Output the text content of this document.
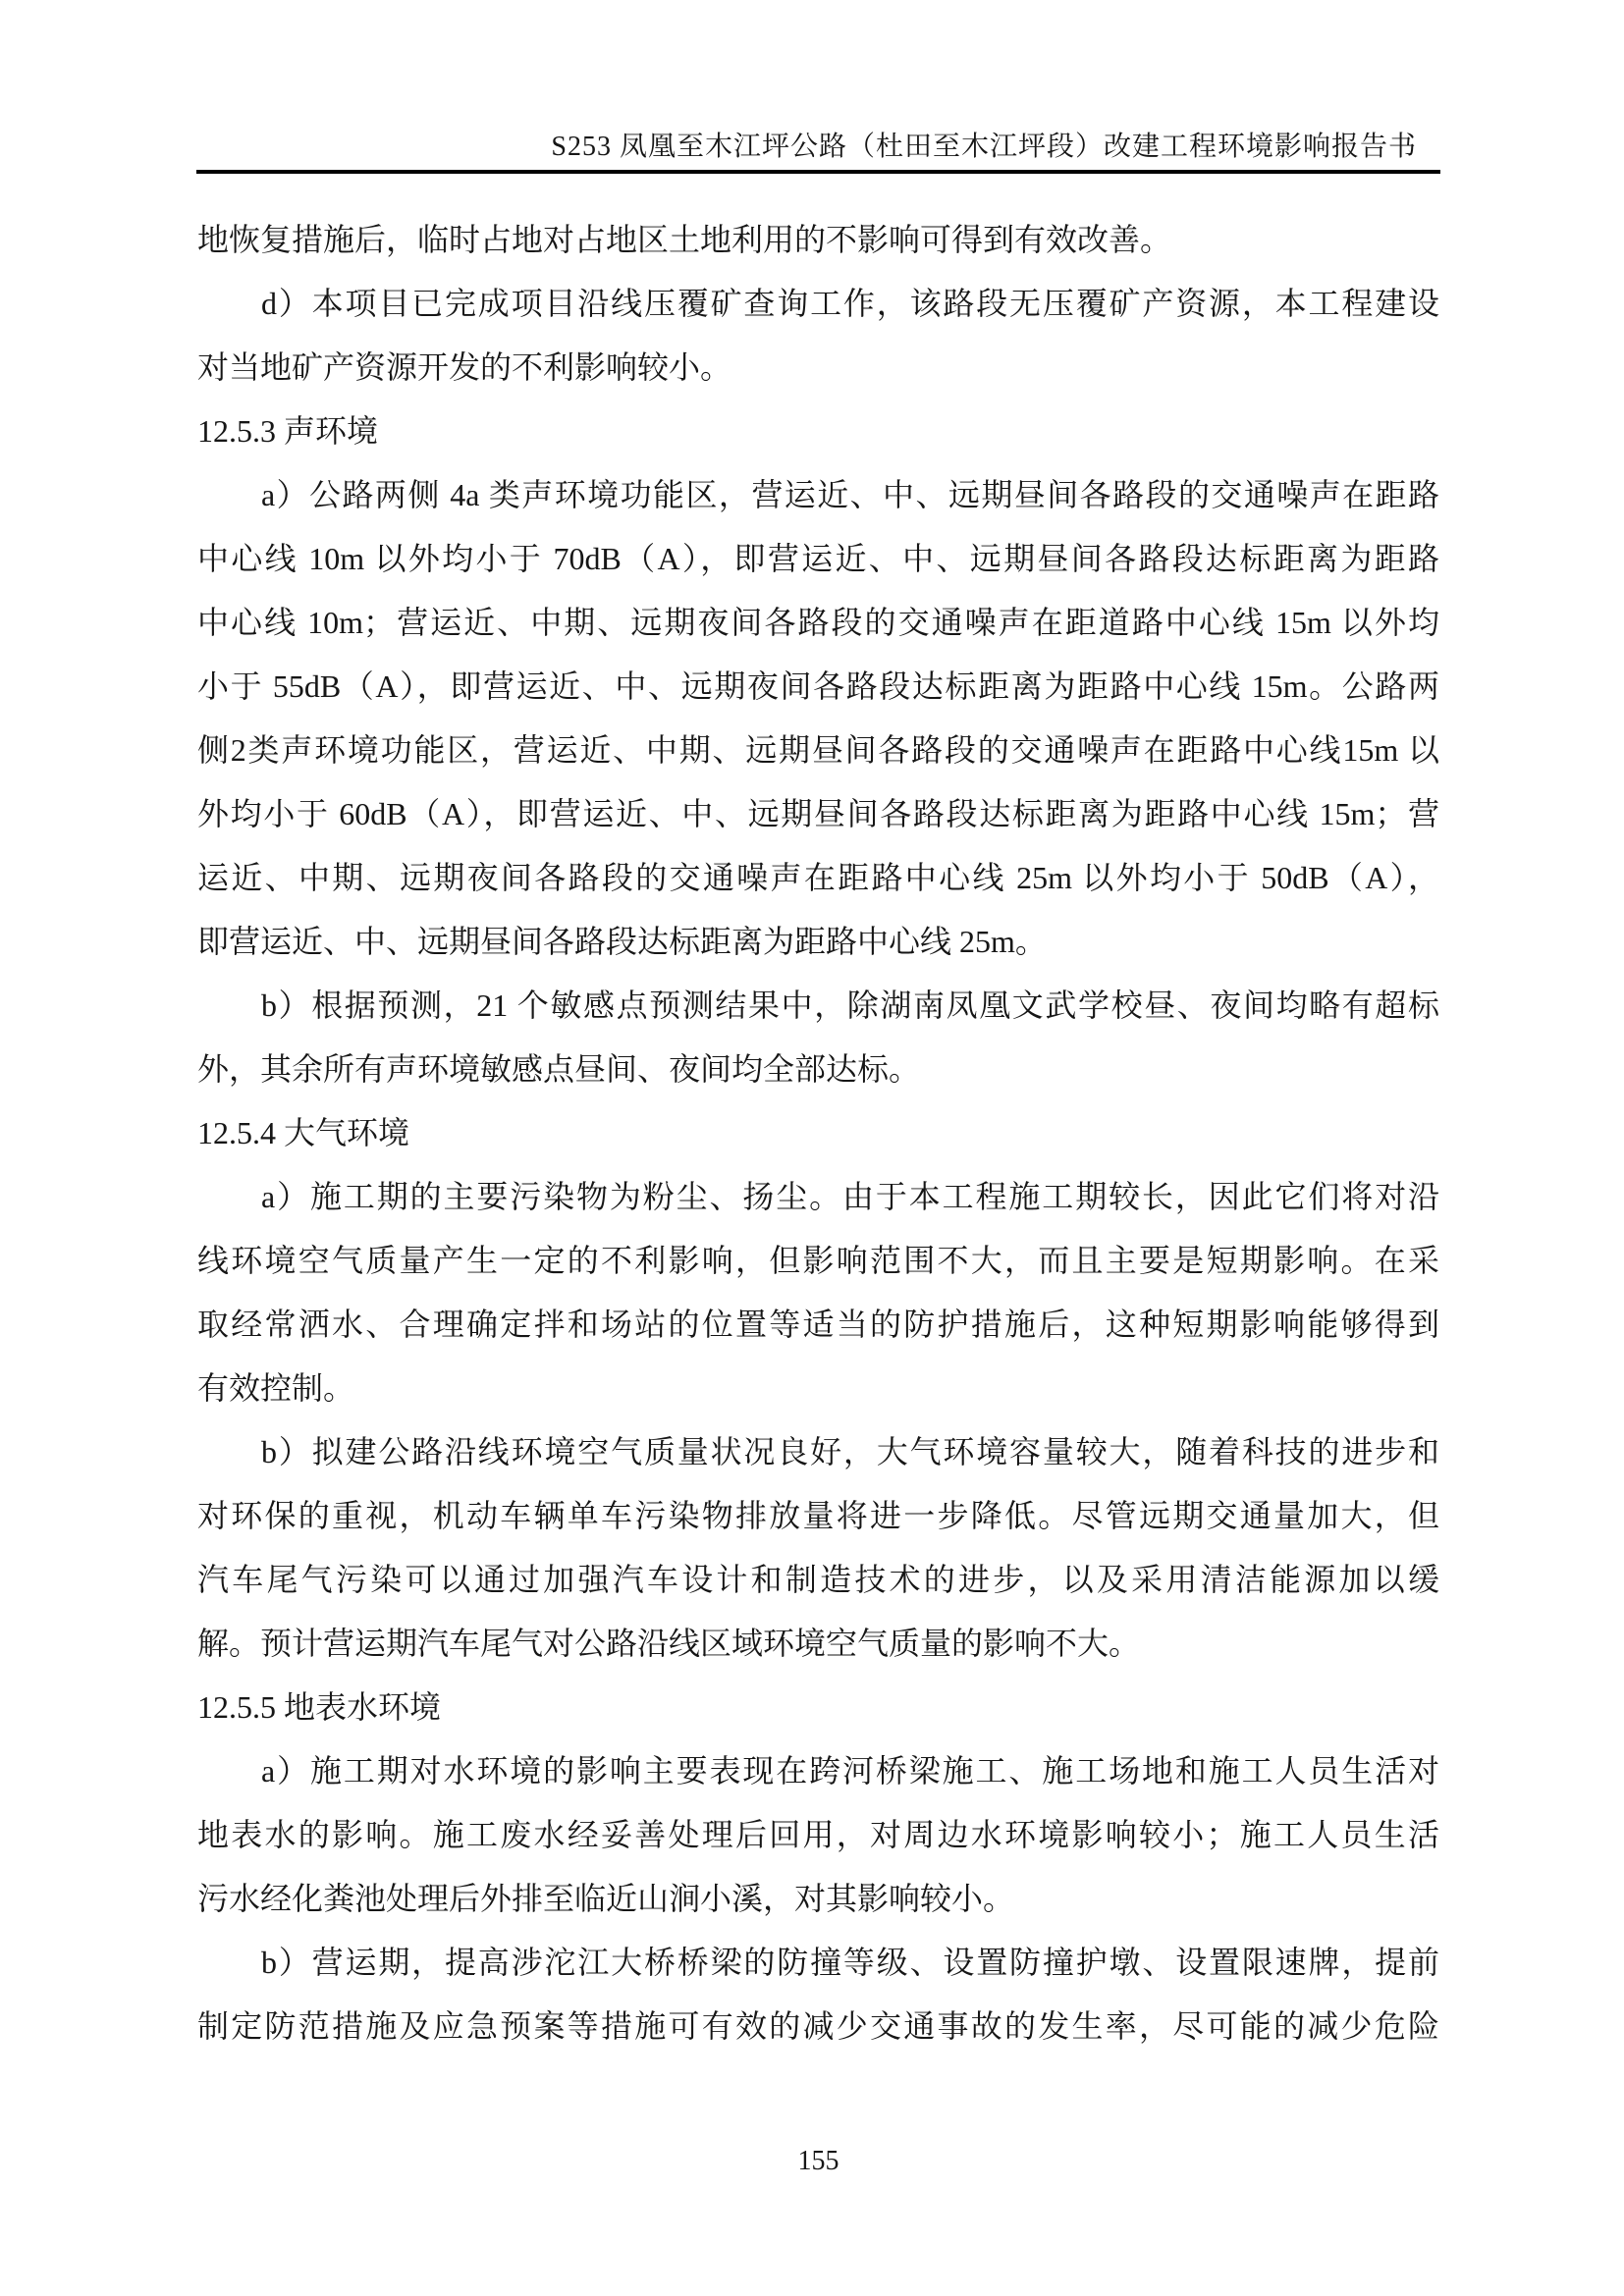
S253 凤凰至木江坪公路（杜田至木江坪段）改建工程环境影响报告书
地恢复措施后，临时占地对占地区土地利用的不影响可得到有效改善。
d）本项目已完成项目沿线压覆矿查询工作，该路段无压覆矿产资源，本工程建设
对当地矿产资源开发的不利影响较小。
12.5.3 声环境
a）公路两侧 4a 类声环境功能区，营运近、中、远期昼间各路段的交通噪声在距路
中心线 10m 以外均小于 70dB（A），即营运近、中、远期昼间各路段达标距离为距路
中心线 10m；营运近、中期、远期夜间各路段的交通噪声在距道路中心线 15m 以外均
小于 55dB（A），即营运近、中、远期夜间各路段达标距离为距路中心线 15m。公路两
侧2类声环境功能区，营运近、中期、远期昼间各路段的交通噪声在距路中心线15m 以
外均小于 60dB（A），即营运近、中、远期昼间各路段达标距离为距路中心线 15m；营
运近、中期、远期夜间各路段的交通噪声在距路中心线 25m 以外均小于 50dB（A），
即营运近、中、远期昼间各路段达标距离为距路中心线 25m。
b）根据预测，21 个敏感点预测结果中，除湖南凤凰文武学校昼、夜间均略有超标
外，其余所有声环境敏感点昼间、夜间均全部达标。
12.5.4 大气环境
a）施工期的主要污染物为粉尘、扬尘。由于本工程施工期较长，因此它们将对沿
线环境空气质量产生一定的不利影响，但影响范围不大，而且主要是短期影响。在采
取经常洒水、合理确定拌和场站的位置等适当的防护措施后，这种短期影响能够得到
有效控制。
b）拟建公路沿线环境空气质量状况良好，大气环境容量较大，随着科技的进步和
对环保的重视，机动车辆单车污染物排放量将进一步降低。尽管远期交通量加大，但
汽车尾气污染可以通过加强汽车设计和制造技术的进步，以及采用清洁能源加以缓
解。预计营运期汽车尾气对公路沿线区域环境空气质量的影响不大。
12.5.5 地表水环境
a）施工期对水环境的影响主要表现在跨河桥梁施工、施工场地和施工人员生活对
地表水的影响。施工废水经妥善处理后回用，对周边水环境影响较小；施工人员生活
污水经化粪池处理后外排至临近山涧小溪，对其影响较小。
b）营运期，提高涉沱江大桥桥梁的防撞等级、设置防撞护墩、设置限速牌，提前
制定防范措施及应急预案等措施可有效的减少交通事故的发生率，尽可能的减少危险
155
